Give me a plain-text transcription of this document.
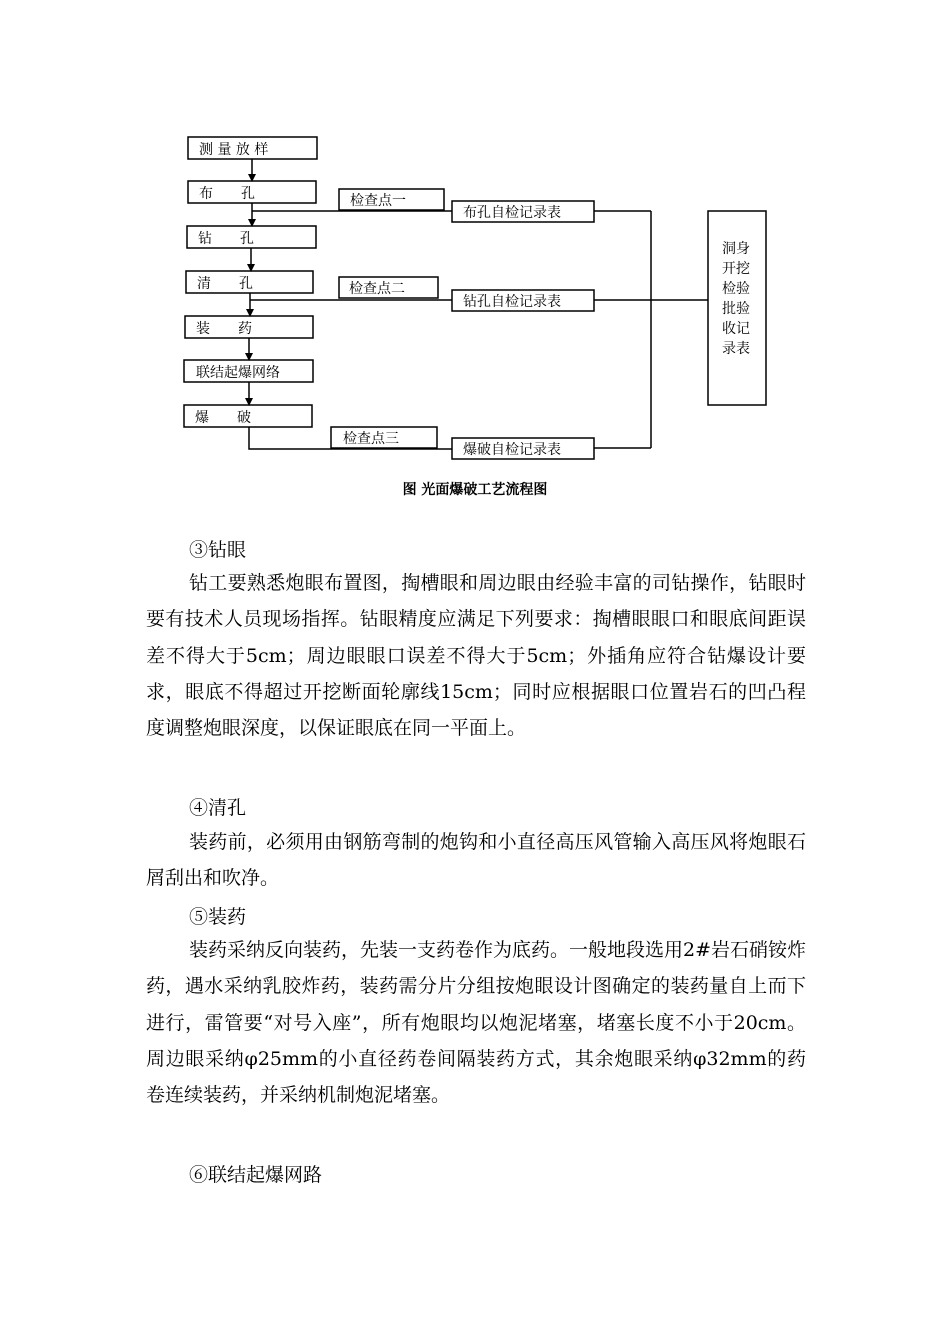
测 量 放 样
布　　孔
钻　　孔
清　　孔
装　　药
联结起爆网络
爆　　破
检查点一
检查点二
检查点三
布孔自检记录表
钻孔自检记录表
爆破自检记录表
洞身
开挖
检验
批验
收记
录表
图 光面爆破工艺流程图
③钻眼

钻工要熟悉炮眼布置图，掏槽眼和周边眼由经验丰富的司钻操作，钻眼时要有技术人员现场指挥。钻眼精度应满足下列要求：掏槽眼眼口和眼底间距误差不得大于5cm；周边眼眼口误差不得大于5cm；外插角应符合钻爆设计要求，眼底不得超过开挖断面轮廓线15cm；同时应根据眼口位置岩石的凹凸程度调整炮眼深度，以保证眼底在同一平面上。

④清孔

装药前，必须用由钢筋弯制的炮钩和小直径高压风管输入高压风将炮眼石屑刮出和吹净。

⑤装药

装药采纳反向装药，先装一支药卷作为底药。一般地段选用2#岩石硝铵炸药，遇水采纳乳胶炸药，装药需分片分组按炮眼设计图确定的装药量自上而下进行，雷管要“对号入座”，所有炮眼均以炮泥堵塞，堵塞长度不小于20cm。周边眼采纳φ25mm的小直径药卷间隔装药方式，其余炮眼采纳φ32mm的药卷连续装药，并采纳机制炮泥堵塞。

⑥联结起爆网路
